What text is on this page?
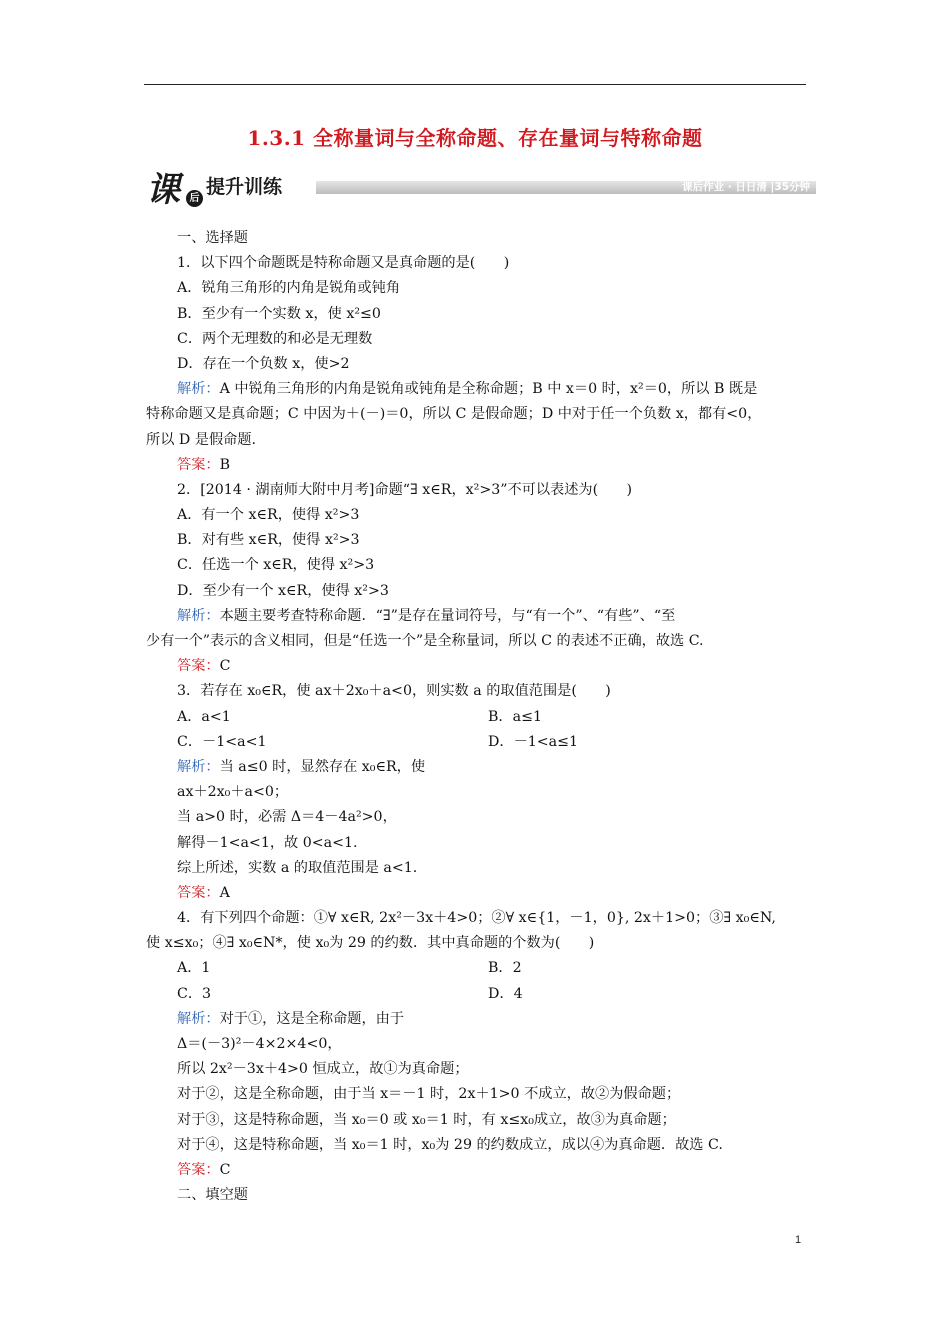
1.3.1 全称量词与全称命题、存在量词与特称命题
课 后
提升训练	课后作业 · 日日清 |35分钟
一、选择题
1．以下四个命题既是特称命题又是真命题的是(　　)
A．锐角三角形的内角是锐角或钝角
B．至少有一个实数 x，使 x²≤0
C．两个无理数的和必是无理数
D．存在一个负数 x，使>2
解析：A 中锐角三角形的内角是锐角或钝角是全称命题；B 中 x＝0 时，x²＝0，所以 B 既是
特称命题又是真命题；C 中因为＋(－)＝0，所以 C 是假命题；D 中对于任一个负数 x，都有<0，
所以 D 是假命题.
答案：B
2．[2014 · 湖南师大附中月考]命题“∃ x∈R，x²>3”不可以表述为(　　)
A．有一个 x∈R，使得 x²>3
B．对有些 x∈R，使得 x²>3
C．任选一个 x∈R，使得 x²>3
D．至少有一个 x∈R，使得 x²>3
解析：本题主要考查特称命题．“∃”是存在量词符号，与“有一个”、“有些”、“至
少有一个”表示的含义相同，但是“任选一个”是全称量词，所以 C 的表述不正确，故选 C.
答案：C
3．若存在 x₀∈R，使 ax＋2x₀＋a<0，则实数 a 的取值范围是(　　)
A．a<1	B．a≤1
C．－1<a<1	D．－1<a≤1
解析：当 a≤0 时，显然存在 x₀∈R，使
ax＋2x₀＋a<0；
当 a>0 时，必需 Δ＝4－4a²>0，
解得－1<a<1，故 0<a<1.
综上所述，实数 a 的取值范围是 a<1.
答案：A
4．有下列四个命题：①∀ x∈R, 2x²－3x＋4>0；②∀ x∈{1，－1，0}, 2x＋1>0；③∃ x₀∈N,
使 x≤x₀；④∃ x₀∈N*，使 x₀为 29 的约数．其中真命题的个数为(　　)
A．1	B．2
C．3	D．4
解析：对于①，这是全称命题，由于
Δ＝(－3)²－4×2×4<0，
所以 2x²－3x＋4>0 恒成立，故①为真命题；
对于②，这是全称命题，由于当 x＝－1 时，2x＋1>0 不成立，故②为假命题；
对于③，这是特称命题，当 x₀＝0 或 x₀＝1 时，有 x≤x₀成立，故③为真命题；
对于④，这是特称命题，当 x₀＝1 时，x₀为 29 的约数成立，成以④为真命题．故选 C.
答案：C
二、填空题
1
